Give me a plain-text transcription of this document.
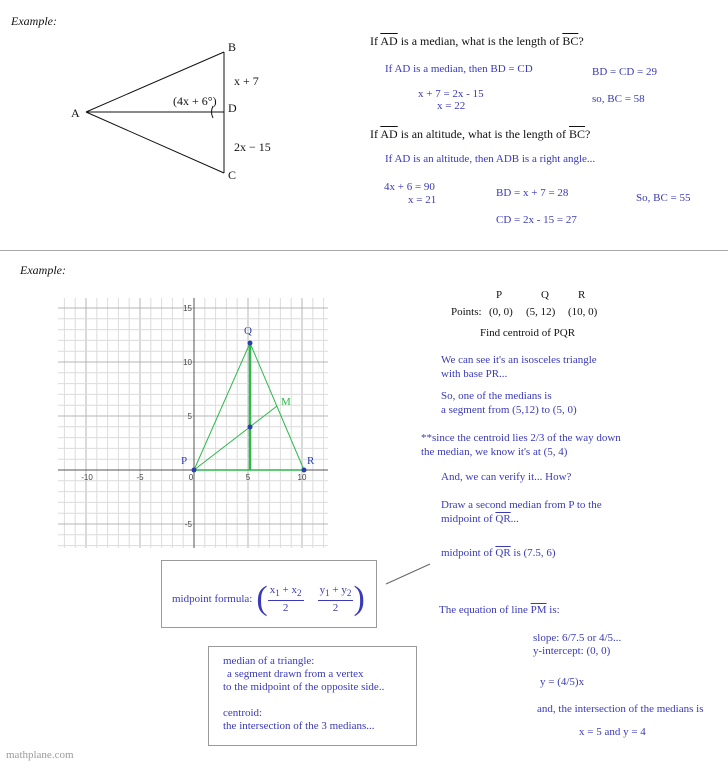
Example:
B
A	D
C
(4x + 6°)
x + 7
2x − 15
If $\overline{AD}$ is a median, what is the length of $\overline{BC}$?
If AD is a median, then BD = CD
x + 7 = 2x - 15
x = 22
BD = CD = 29
so, BC = 58
If $\overline{AD}$ is an altitude, what is the length of $\overline{BC}$?
If AD is an altitude, then ADB is a right angle...
4x + 6 = 90
x = 21
BD = x + 7 = 28
CD = 2x - 15 = 27
So, BC = 55
Example:
-10	-5	0	5	10
15
10
5
-5
P
Q
R
M
P	Q	R
Points: (0, 0) (5, 12) (10, 0)
Find centroid of PQR
We can see it's an isosceles triangle
with base PR...
So, one of the medians is
a segment from (5,12) to (5, 0)
**since the centroid lies 2/3 of the way down
the median, we know it's at (5, 4)
And, we can verify it... How?
Draw a second median from P to the
midpoint of $\overline{QR}$...
midpoint of $\overline{QR}$ is (7.5, 6)
The equation of line $\overline{PM}$ is:
slope: 6/7.5 or 4/5...
y-intercept: (0, 0)
y = (4/5)x
and, the intersection of the medians is
x = 5 and y = 4
midpoint formula: ( $\frac{x_1 + x_2}{2} \frac{y_1 + y_2}{2}$ )
median of a triangle:
a segment drawn from a vertex
to the midpoint of the opposite side..
centroid:
the intersection of the 3 medians...
mathplane.com
